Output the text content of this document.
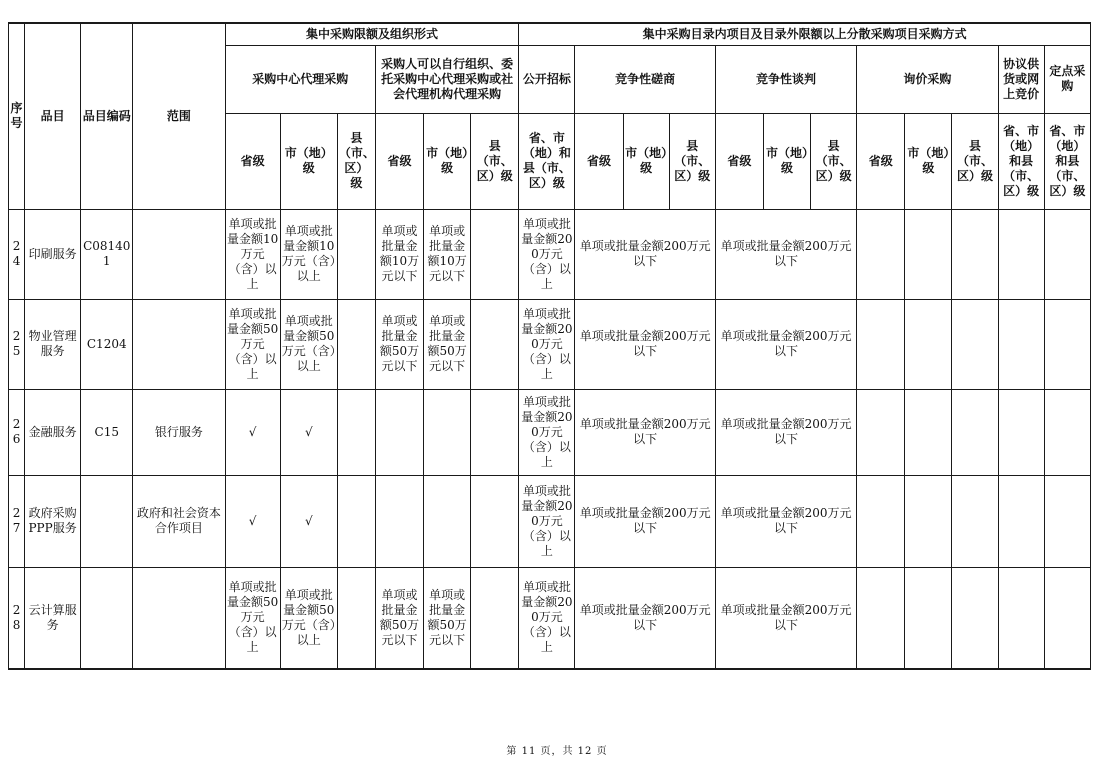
序号	品目	品目编码	范围	集中采购限额及组织形式						集中采购目录内项目及目录外限额以上分散采购项目采购方式											
				采购中心代理采购			采购人可以自行组织、委托采购中心代理采购或社会代理机构代理采购			公开招标	竞争性磋商			竞争性谈判			询价采购			协议供货或网上竞价	定点采购
				省级	市（地）级	县（市、区）级	省级	市（地）级	县（市、区）级	省、市（地）和县（市、区）级	省级	市（地）级	县（市、区）级	省级	市（地）级	县（市、区）级	省级	市（地）级	县（市、区）级	省、市（地）和县（市、区）级	省、市（地）和县（市、区）级
24	印刷服务	C081401		单项或批量金额10万元（含）以上	单项或批量金额10万元（含）以上		单项或批量金额10万元以下	单项或批量金额10万元以下		单项或批量金额200万元（含）以上	单项或批量金额200万元以下			单项或批量金额200万元以下							
25	物业管理服务	C1204		单项或批量金额50万元（含）以上	单项或批量金额50万元（含）以上		单项或批量金额50万元以下	单项或批量金额50万元以下		单项或批量金额200万元（含）以上	单项或批量金额200万元以下			单项或批量金额200万元以下							
26	金融服务	C15	银行服务	√	√					单项或批量金额200万元（含）以上	单项或批量金额200万元以下			单项或批量金额200万元以下							
27	政府采购PPP服务		政府和社会资本合作项目	√	√					单项或批量金额200万元（含）以上	单项或批量金额200万元以下			单项或批量金额200万元以下							
28	云计算服务			单项或批量金额50万元（含）以上	单项或批量金额50万元（含）以上		单项或批量金额50万元以下	单项或批量金额50万元以下		单项或批量金额200万元（含）以上	单项或批量金额200万元以下			单项或批量金额200万元以下							
第 11 页，共 12 页
